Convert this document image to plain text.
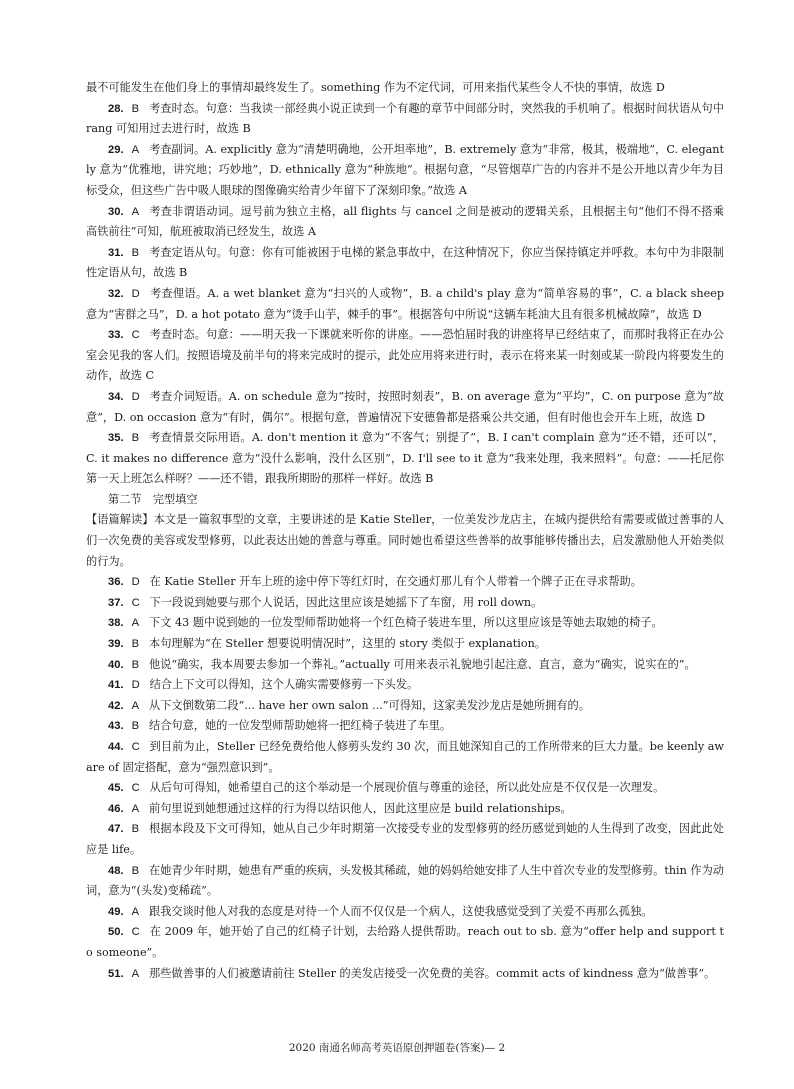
最不可能发生在他们身上的事情却最终发生了。something 作为不定代词，可用来指代某些令人不快的事情，故选 D

28. B 考查时态。句意：当我读一部经典小说正读到一个有趣的章节中间部分时，突然我的手机响了。根据时间状语从句中 rang 可知用过去进行时，故选 B

29. A 考查副词。A. explicitly 意为“清楚明确地，公开坦率地”，B. extremely 意为“非常，极其，极端地”，C. elegantly 意为“优雅地，讲究地；巧妙地”，D. ethnically 意为“种族地”。根据句意，“尽管烟草广告的内容并不是公开地以青少年为目标受众，但这些广告中吸人眼球的图像确实给青少年留下了深刻印象。”故选 A

30. A 考查非谓语动词。逗号前为独立主格，all flights 与 cancel 之间是被动的逻辑关系，且根据主句“他们不得不搭乘高铁前往”可知，航班被取消已经发生，故选 A

31. B 考查定语从句。句意：你有可能被困于电梯的紧急事故中，在这种情况下，你应当保持镇定并呼救。本句中为非限制性定语从句，故选 B

32. D 考查俚语。A. a wet blanket 意为“扫兴的人或物”，B. a child's play 意为“简单容易的事”，C. a black sheep 意为“害群之马”，D. a hot potato 意为“烫手山芋，棘手的事”。根据答句中所说“这辆车耗油大且有很多机械故障”，故选 D

33. C 考查时态。句意：——明天我一下课就来听你的讲座。——恐怕届时我的讲座将早已经结束了，而那时我将正在办公室会见我的客人们。按照语境及前半句的将来完成时的提示，此处应用将来进行时，表示在将来某一时刻或某一阶段内将要发生的动作，故选 C

34. D 考查介词短语。A. on schedule 意为“按时，按照时刻表”，B. on average 意为“平均”，C. on purpose 意为“故意”，D. on occasion 意为“有时，偶尔”。根据句意，普遍情况下安德鲁都是搭乘公共交通，但有时他也会开车上班，故选 D

35. B 考查情景交际用语。A. don't mention it 意为“不客气；别提了”，B. I can't complain 意为“还不错，还可以”，C. it makes no difference 意为“没什么影响，没什么区别”，D. I'll see to it 意为“我来处理，我来照料”。句意：——托尼你第一天上班怎么样呀？——还不错，跟我所期盼的那样一样好。故选 B

第二节　完型填空

【语篇解读】本文是一篇叙事型的文章，主要讲述的是 Katie Steller，一位美发沙龙店主，在城内提供给有需要或做过善事的人们一次免费的美容或发型修剪，以此表达出她的善意与尊重。同时她也希望这些善举的故事能够传播出去，启发激励他人开始类似的行为。

36. D 在 Katie Steller 开车上班的途中停下等红灯时，在交通灯那儿有个人带着一个牌子正在寻求帮助。

37. C 下一段说到她要与那个人说话，因此这里应该是她摇下了车窗，用 roll down。

38. A 下文 43 题中说到她的一位发型师帮助她将一个红色椅子装进车里，所以这里应该是等她去取她的椅子。

39. B 本句理解为“在 Steller 想要说明情况时”，这里的 story 类似于 explanation。

40. B 他说“确实，我本周要去参加一个葬礼。”actually 可用来表示礼貌地引起注意、直言，意为“确实，说实在的”。

41. D 结合上下文可以得知，这个人确实需要修剪一下头发。

42. A 从下文倒数第二段“... have her own salon ...”可得知，这家美发沙龙店是她所拥有的。

43. B 结合句意，她的一位发型师帮助她将一把红椅子装进了车里。

44. C 到目前为止，Steller 已经免费给他人修剪头发约 30 次，而且她深知自己的工作所带来的巨大力量。be keenly aware of 固定搭配，意为“强烈意识到”。

45. C 从后句可得知，她希望自己的这个举动是一个展现价值与尊重的途径，所以此处应是不仅仅是一次理发。

46. A 前句里说到她想通过这样的行为得以结识他人，因此这里应是 build relationships。

47. B 根据本段及下文可得知，她从自己少年时期第一次接受专业的发型修剪的经历感觉到她的人生得到了改变，因此此处应是 life。

48. B 在她青少年时期，她患有严重的疾病，头发极其稀疏，她的妈妈给她安排了人生中首次专业的发型修剪。thin 作为动词，意为“(头发)变稀疏”。

49. A 跟我交谈时他人对我的态度是对待一个人而不仅仅是一个病人，这使我感觉受到了关爱不再那么孤独。

50. C 在 2009 年，她开始了自己的红椅子计划，去给路人提供帮助。reach out to sb. 意为“offer help and support to someone”。

51. A 那些做善事的人们被邀请前往 Steller 的美发店接受一次免费的美容。commit acts of kindness 意为“做善事”。

2020 南通名师高考英语原创押题卷(答案)— 2
